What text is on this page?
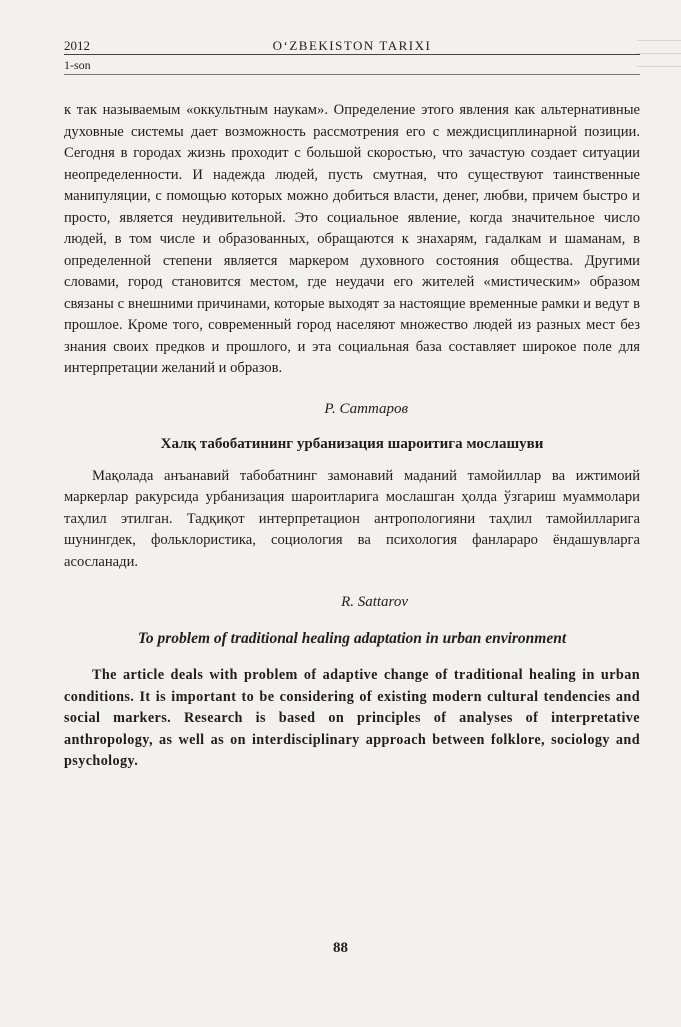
2012	O‘ZBEKISTON TARIXI
1-son

к так называемым «оккультным наукам». Определение этого явления как альтернативные духовные системы дает возможность рассмотрения его с междисциплинарной позиции. Сегодня в городах жизнь проходит с большой скоростью, что зачастую создает ситуации неопределенности. И надежда людей, пусть смутная, что существуют таинственные манипуляции, с помощью которых можно добиться власти, денег, любви, причем быстро и просто, является неудивительной. Это социальное явление, когда значительное число людей, в том числе и образованных, обращаются к знахарям, гадалкам и шаманам, в определенной степени является маркером духовного состояния общества. Другими словами, город становится местом, где неудачи его жителей «мистическим» образом связаны с внешними причинами, которые выходят за настоящие временные рамки и ведут в прошлое. Кроме того, современный город населяют множество людей из разных мест без знания своих предков и прошлого, и эта социальная база составляет широкое поле для интерпретации желаний и образов.

Р. Саттаров

Халқ табобатининг урбанизация шароитига мослашуви

Мақолада анъанавий табобатнинг замонавий маданий тамойиллар ва ижтимоий маркерлар ракурсида урбанизация шароитларига мослашган ҳолда ўзгариш муаммолари таҳлил этилган. Тадқиқот интерпретацион антропологияни таҳлил тамойилларига шунингдек, фольклористика, социология ва психология фанлараро ёндашувларга асосланади.

R. Sattarov

To problem of traditional healing adaptation in urban environment

The article deals with problem of adaptive change of traditional healing in urban conditions. It is important to be considering of existing modern cultural tendencies and social markers. Research is based on principles of analyses of interpretative anthropology, as well as on interdisciplinary approach between folklore, sociology and psychology.

88
